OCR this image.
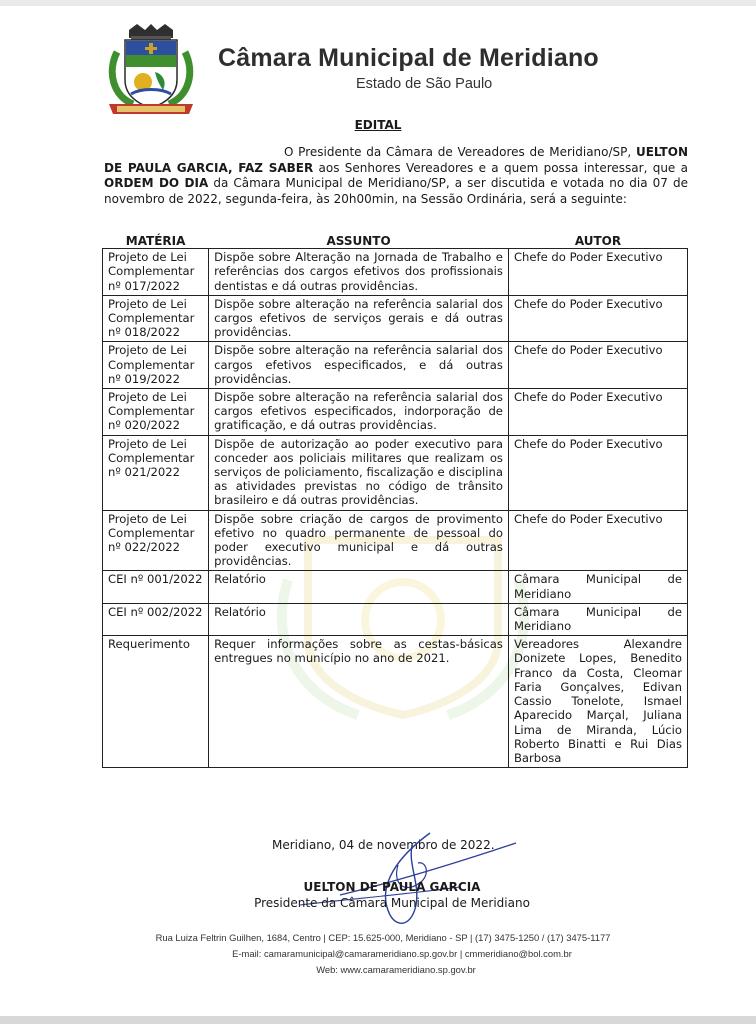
Câmara Municipal de Meridiano
Estado de São Paulo
EDITAL
O Presidente da Câmara de Vereadores de Meridiano/SP, UELTON DE PAULA GARCIA, FAZ SABER aos Senhores Vereadores e a quem possa interessar, que a ORDEM DO DIA da Câmara Municipal de Meridiano/SP, a ser discutida e votada no dia 07 de novembro de 2022, segunda-feira, às 20h00min, na Sessão Ordinária, será a seguinte:
MATÉRIA	ASSUNTO	AUTOR
Projeto de Lei Complementar nº 017/2022	Dispõe sobre Alteração na Jornada de Trabalho e referências dos cargos efetivos dos profissionais dentistas e dá outras providências.	Chefe do Poder Executivo
Projeto de Lei Complementar nº 018/2022	Dispõe sobre alteração na referência salarial dos cargos efetivos de serviços gerais e dá outras providências.	Chefe do Poder Executivo
Projeto de Lei Complementar nº 019/2022	Dispõe sobre alteração na referência salarial dos cargos efetivos especificados, e dá outras providências.	Chefe do Poder Executivo
Projeto de Lei Complementar nº 020/2022	Dispõe sobre alteração na referência salarial dos cargos efetivos especificados, indorporação de gratificação, e dá outras providências.	Chefe do Poder Executivo
Projeto de Lei Complementar nº 021/2022	Dispõe de autorização ao poder executivo para conceder aos policiais militares que realizam os serviços de policiamento, fiscalização e disciplina as atividades previstas no código de trânsito brasileiro e dá outras providências.	Chefe do Poder Executivo
Projeto de Lei Complementar nº 022/2022	Dispõe sobre criação de cargos de provimento efetivo no quadro permanente de pessoal do poder executivo municipal e dá outras providências.	Chefe do Poder Executivo
CEI nº 001/2022	Relatório	Câmara Municipal de Meridiano
CEI nº 002/2022	Relatório	Câmara Municipal de Meridiano
Requerimento	Requer informações sobre as cestas-básicas entregues no município no ano de 2021.	Vereadores Alexandre Donizete Lopes, Benedito Franco da Costa, Cleomar Faria Gonçalves, Edivan Cassio Tonelote, Ismael Aparecido Marçal, Juliana Lima de Miranda, Lúcio Roberto Binatti e Rui Dias Barbosa
Meridiano, 04 de novembro de 2022.
UELTON DE PAULA GARCIA
Presidente da Câmara Municipal de Meridiano
Rua Luiza Feltrin Guilhen, 1684, Centro | CEP: 15.625-000, Meridiano - SP | (17) 3475-1250 / (17) 3475-1177
E-mail: camaramunicipal@camarameridiano.sp.gov.br | cmmeridiano@bol.com.br
Web: www.camarameridiano.sp.gov.br
